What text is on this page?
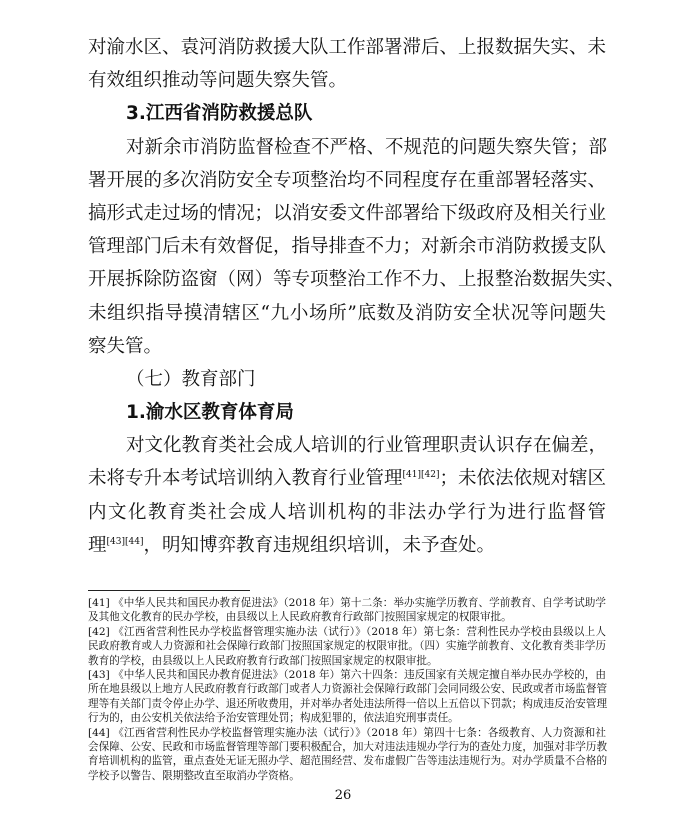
对渝水区、袁河消防救援大队工作部署滞后、上报数据失实、未
有效组织推动等问题失察失管。
3.江西省消防救援总队
对新余市消防监督检查不严格、不规范的问题失察失管；部
署开展的多次消防安全专项整治均不同程度存在重部署轻落实、
搞形式走过场的情况；以消安委文件部署给下级政府及相关行业
管理部门后未有效督促，指导排查不力；对新余市消防救援支队
开展拆除防盗窗（网）等专项整治工作不力、上报整治数据失实、
未组织指导摸清辖区“九小场所”底数及消防安全状况等问题失
察失管。
（七）教育部门
1.渝水区教育体育局
对文化教育类社会成人培训的行业管理职责认识存在偏差，
未将专升本考试培训纳入教育行业管理[41][42]；未依法依规对辖区
内文化教育类社会成人培训机构的非法办学行为进行监督管
理[43][44]，明知博弈教育违规组织培训，未予查处。
[41] 《中华人民共和国民办教育促进法》（2018 年）第十二条：举办实施学历教育、学前教育、自学考试助学
及其他文化教育的民办学校，由县级以上人民政府教育行政部门按照国家规定的权限审批。
[42] 《江西省营利性民办学校监督管理实施办法（试行）》（2018 年）第七条：营利性民办学校由县级以上人
民政府教育或人力资源和社会保障行政部门按照国家规定的权限审批。（四）实施学前教育、文化教育类非学历
教育的学校，由县级以上人民政府教育行政部门按照国家规定的权限审批。
[43] 《中华人民共和国民办教育促进法》（2018 年）第六十四条：违反国家有关规定擅自举办民办学校的，由
所在地县级以上地方人民政府教育行政部门或者人力资源社会保障行政部门会同同级公安、民政或者市场监督管
理等有关部门责令停止办学、退还所收费用，并对举办者处违法所得一倍以上五倍以下罚款；构成违反治安管理
行为的，由公安机关依法给予治安管理处罚；构成犯罪的，依法追究刑事责任。
[44] 《江西省营利性民办学校监督管理实施办法（试行）》（2018 年）第四十七条：各级教育、人力资源和社
会保障、公安、民政和市场监督管理等部门要积极配合，加大对违法违规办学行为的查处力度，加强对非学历教
育培训机构的监管，重点查处无证无照办学、超范围经营、发布虚假广告等违法违规行为。对办学质量不合格的
学校予以警告、限期整改直至取消办学资格。
26
